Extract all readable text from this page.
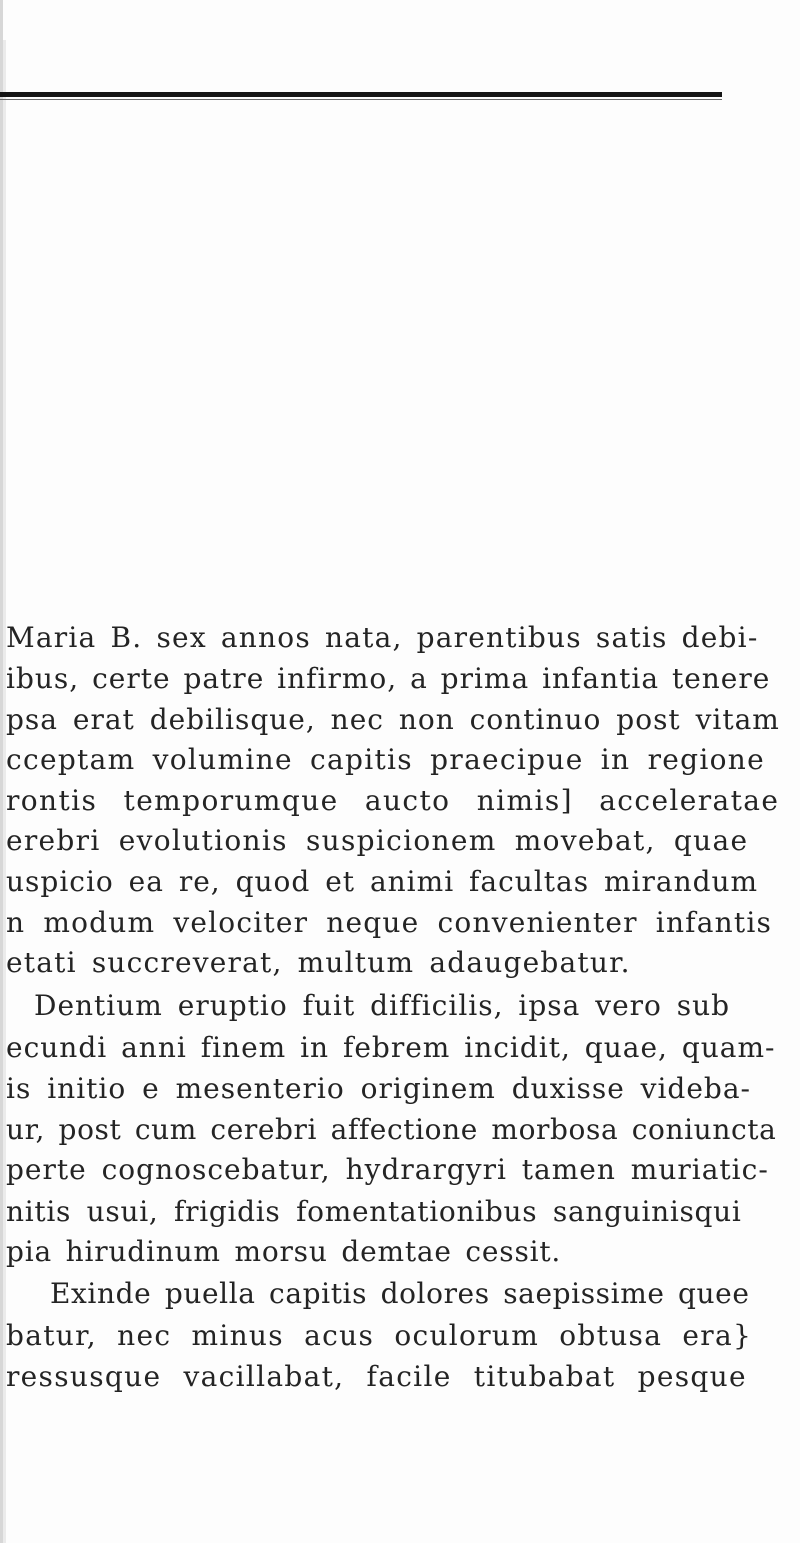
Maria B. sex annos nata, parentibus satis debi-
ibus, certe patre infirmo, a prima infantia tenere
psa erat debilisque, nec non continuo post vitam
cceptam volumine capitis praecipue in regione
rontis temporumque aucto nimis] acceleratae
erebri evolutionis suspicionem movebat, quae
uspicio ea re, quod et animi facultas mirandum
n modum velociter neque convenienter infantis
etati succreverat, multum adaugebatur.
Dentium eruptio fuit difficilis, ipsa vero sub
ecundi anni finem in febrem incidit, quae, quam-
is initio e mesenterio originem duxisse videba-
ur, post cum cerebri affectione morbosa coniuncta
perte cognoscebatur, hydrargyri tamen muriatic-
nitis usui, frigidis fomentationibus sanguinisqui
pia hirudinum morsu demtae cessit.
Exinde puella capitis dolores saepissime quee
batur, nec minus acus oculorum obtusa era}
ressusque vacillabat, facile titubabat pesque
